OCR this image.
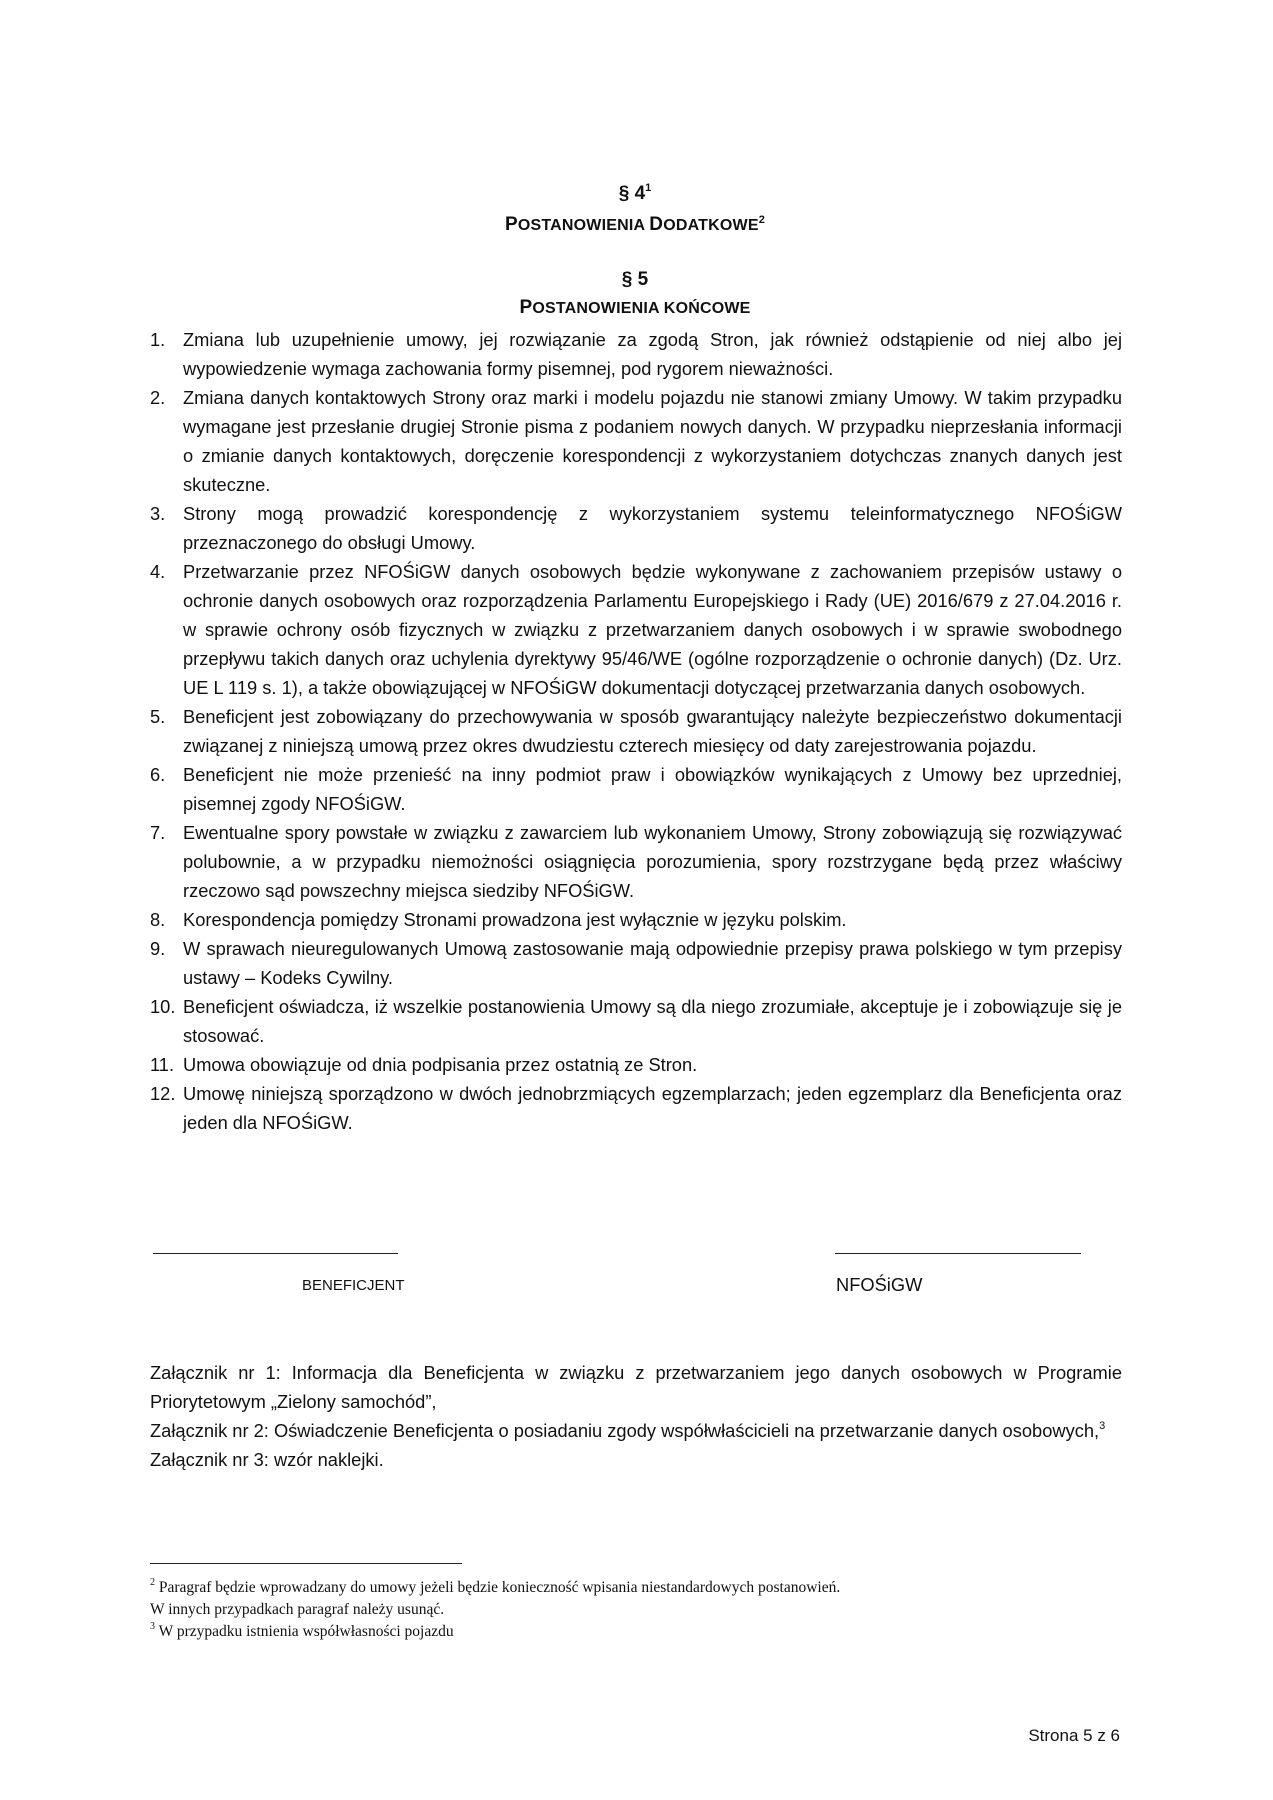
§ $4^1$
POSTANOWIENIA DODATKOWE$^2$
§ 5
POSTANOWIENIA KOŃCOWE
1. Zmiana lub uzupełnienie umowy, jej rozwiązanie za zgodą Stron, jak również odstąpienie od niej albo jej wypowiedzenie wymaga zachowania formy pisemnej, pod rygorem nieważności.
2. Zmiana danych kontaktowych Strony oraz marki i modelu pojazdu nie stanowi zmiany Umowy. W takim przypadku wymagane jest przesłanie drugiej Stronie pisma z podaniem nowych danych. W przypadku nieprzesłania informacji o zmianie danych kontaktowych, doręczenie korespondencji z wykorzystaniem dotychczas znanych danych jest skuteczne.
3. Strony mogą prowadzić korespondencję z wykorzystaniem systemu teleinformatycznego NFOŚiGW przeznaczonego do obsługi Umowy.
4. Przetwarzanie przez NFOŚiGW danych osobowych będzie wykonywane z zachowaniem przepisów ustawy o ochronie danych osobowych oraz rozporządzenia Parlamentu Europejskiego i Rady (UE) 2016/679 z 27.04.2016 r. w sprawie ochrony osób fizycznych w związku z przetwarzaniem danych osobowych i w sprawie swobodnego przepływu takich danych oraz uchylenia dyrektywy 95/46/WE (ogólne rozporządzenie o ochronie danych) (Dz. Urz. UE L 119 s. 1), a także obowiązującej w NFOŚiGW dokumentacji dotyczącej przetwarzania danych osobowych.
5. Beneficjent jest zobowiązany do przechowywania w sposób gwarantujący należyte bezpieczeństwo dokumentacji związanej z niniejszą umową przez okres dwudziestu czterech miesięcy od daty zarejestrowania pojazdu.
6. Beneficjent nie może przenieść na inny podmiot praw i obowiązków wynikających z Umowy bez uprzedniej, pisemnej zgody NFOŚiGW.
7. Ewentualne spory powstałe w związku z zawarciem lub wykonaniem Umowy, Strony zobowiązują się rozwiązywać polubownie, a w przypadku niemożności osiągnięcia porozumienia, spory rozstrzygane będą przez właściwy rzeczowo sąd powszechny miejsca siedziby NFOŚiGW.
8. Korespondencja pomiędzy Stronami prowadzona jest wyłącznie w języku polskim.
9. W sprawach nieuregulowanych Umową zastosowanie mają odpowiednie przepisy prawa polskiego w tym przepisy ustawy – Kodeks Cywilny.
10. Beneficjent oświadcza, iż wszelkie postanowienia Umowy są dla niego zrozumiałe, akceptuje je i zobowiązuje się je stosować.
11. Umowa obowiązuje od dnia podpisania przez ostatnią ze Stron.
12. Umowę niniejszą sporządzono w dwóch jednobrzmiących egzemplarzach; jeden egzemplarz dla Beneficjenta oraz jeden dla NFOŚiGW.
BENEFICJENT	NFOŚiGW

Załącznik nr 1: Informacja dla Beneficjenta w związku z przetwarzaniem jego danych osobowych w Programie Priorytetowym „Zielony samochód”,

Załącznik nr 2: Oświadczenie Beneficjenta o posiadaniu zgody współwłaścicieli na przetwarzanie danych osobowych,$^3$

Załącznik nr 3: wzór naklejki.

$^2$ Paragraf będzie wprowadzany do umowy jeżeli będzie konieczność wpisania niestandardowych postanowień.

W innych przypadkach paragraf należy usunąć.

$^3$ W przypadku istnienia współwłasności pojazdu

Strona 5 z 6
